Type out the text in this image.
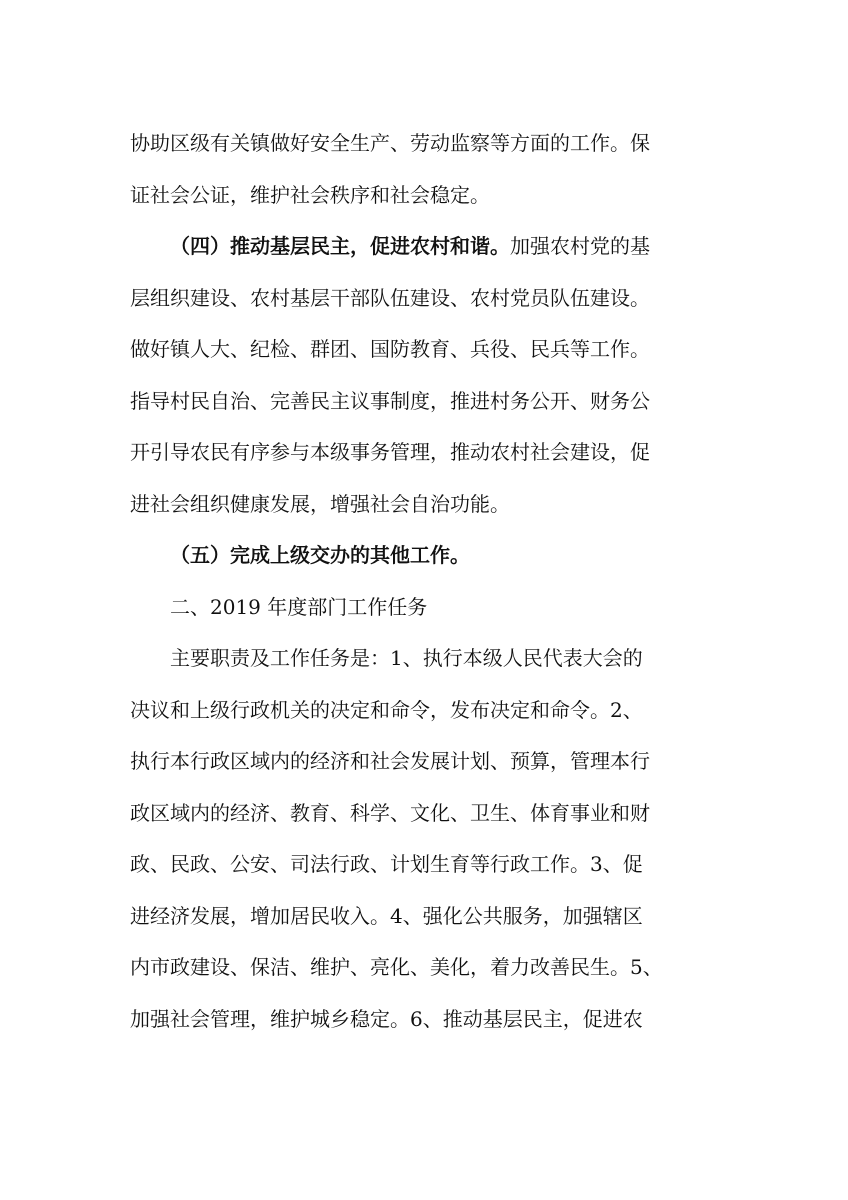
协助区级有关镇做好安全生产、劳动监察等方面的工作。保
证社会公证，维护社会秩序和社会稳定。
（四）推动基层民主，促进农村和谐。加强农村党的基
层组织建设、农村基层干部队伍建设、农村党员队伍建设。
做好镇人大、纪检、群团、国防教育、兵役、民兵等工作。
指导村民自治、完善民主议事制度，推进村务公开、财务公
开引导农民有序参与本级事务管理，推动农村社会建设，促
进社会组织健康发展，增强社会自治功能。
（五）完成上级交办的其他工作。
二、2019 年度部门工作任务
主要职责及工作任务是：1、执行本级人民代表大会的
决议和上级行政机关的决定和命令，发布决定和命令。2、
执行本行政区域内的经济和社会发展计划、预算，管理本行
政区域内的经济、教育、科学、文化、卫生、体育事业和财
政、民政、公安、司法行政、计划生育等行政工作。3、促
进经济发展，增加居民收入。4、强化公共服务，加强辖区
内市政建设、保洁、维护、亮化、美化，着力改善民生。5、
加强社会管理，维护城乡稳定。6、推动基层民主，促进农
